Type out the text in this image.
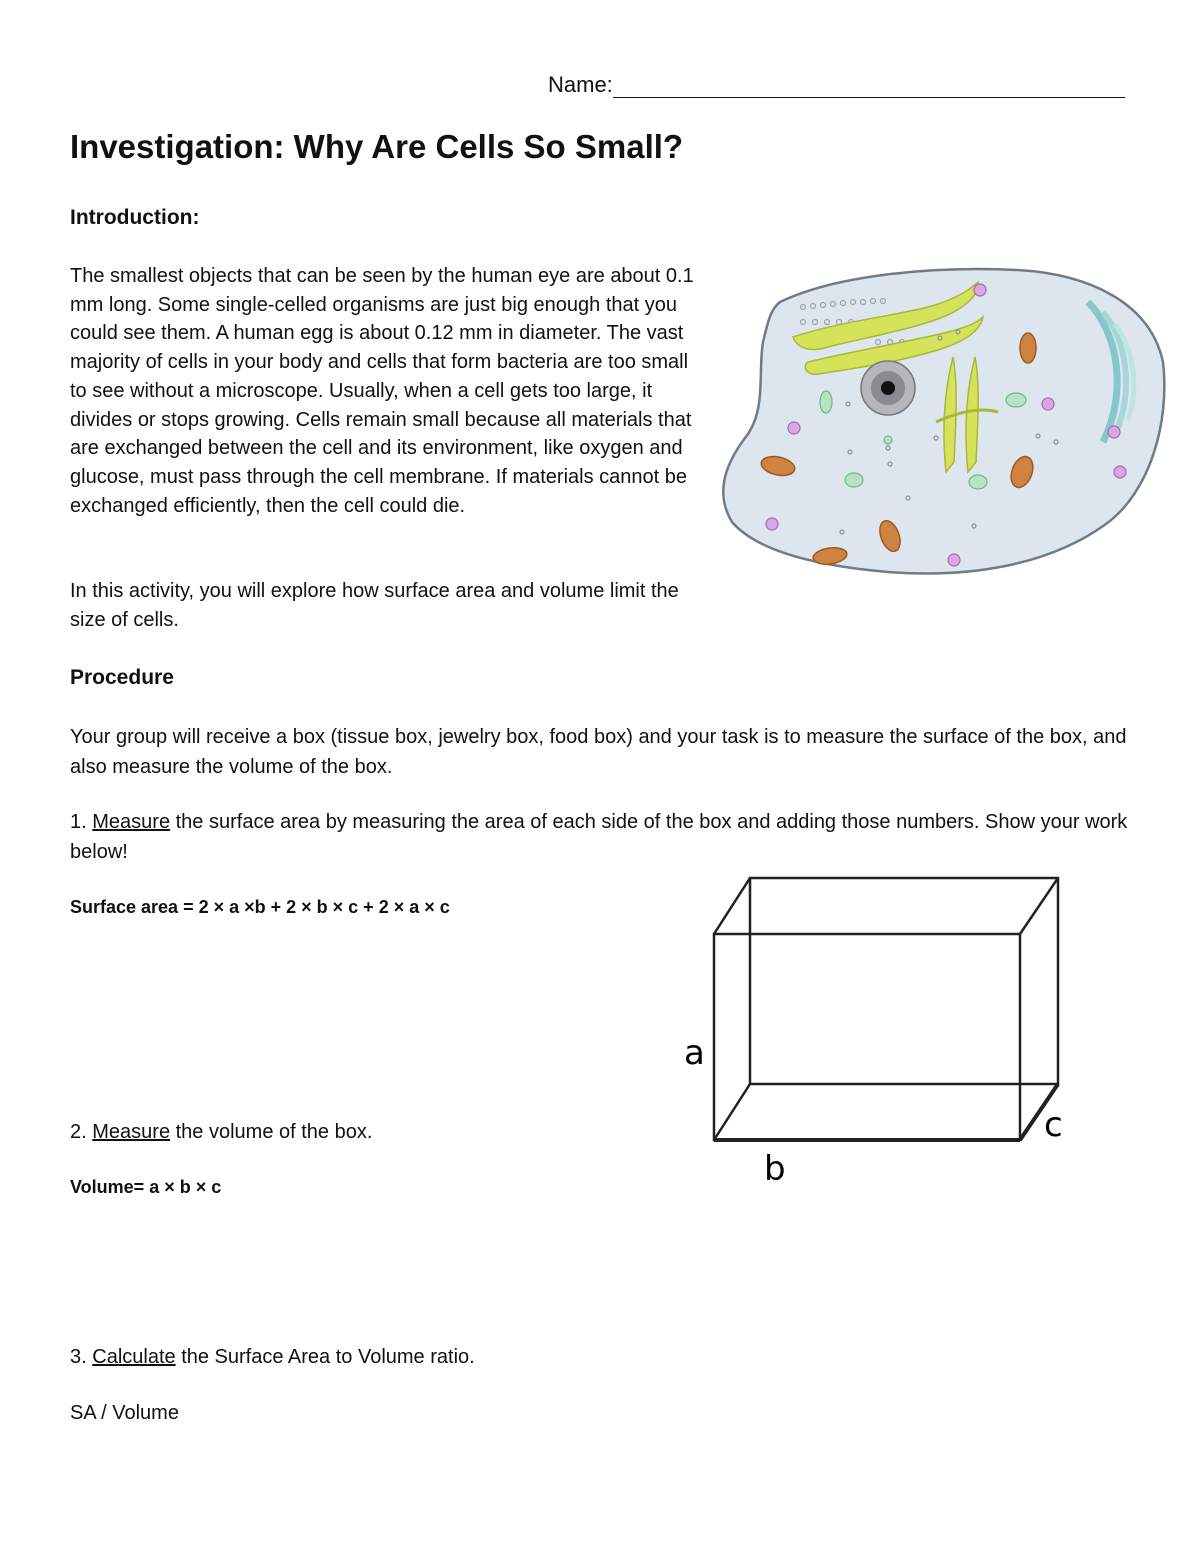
Name:
Investigation: Why Are Cells So Small?
Introduction:

The smallest objects that can be seen by the human eye are about 0.1 mm long. Some single-celled organisms are just big enough that you could see them. A human egg is about 0.12 mm in diameter. The vast majority of cells in your body and cells that form bacteria are too small to see without a microscope. Usually, when a cell gets too large, it divides or stops growing. Cells remain small because all materials that are exchanged between the cell and its environment, like oxygen and glucose, must pass through the cell membrane. If materials cannot be exchanged efficiently, then the cell could die.

In this activity, you will explore how surface area and volume limit the size of cells.

Procedure

Your group will receive a box (tissue box, jewelry box, food box) and your task is to measure the surface of the box, and also measure the volume of the box.

1. Measure the surface area by measuring the area of each side of the box and adding those numbers. Show your work below!

Surface area = 2 × a ×b + 2 × b × c + 2 × a × c

2. Measure the volume of the box.

Volume= a × b × c

3. Calculate the Surface Area to Volume ratio.

SA / Volume
a
b
c
